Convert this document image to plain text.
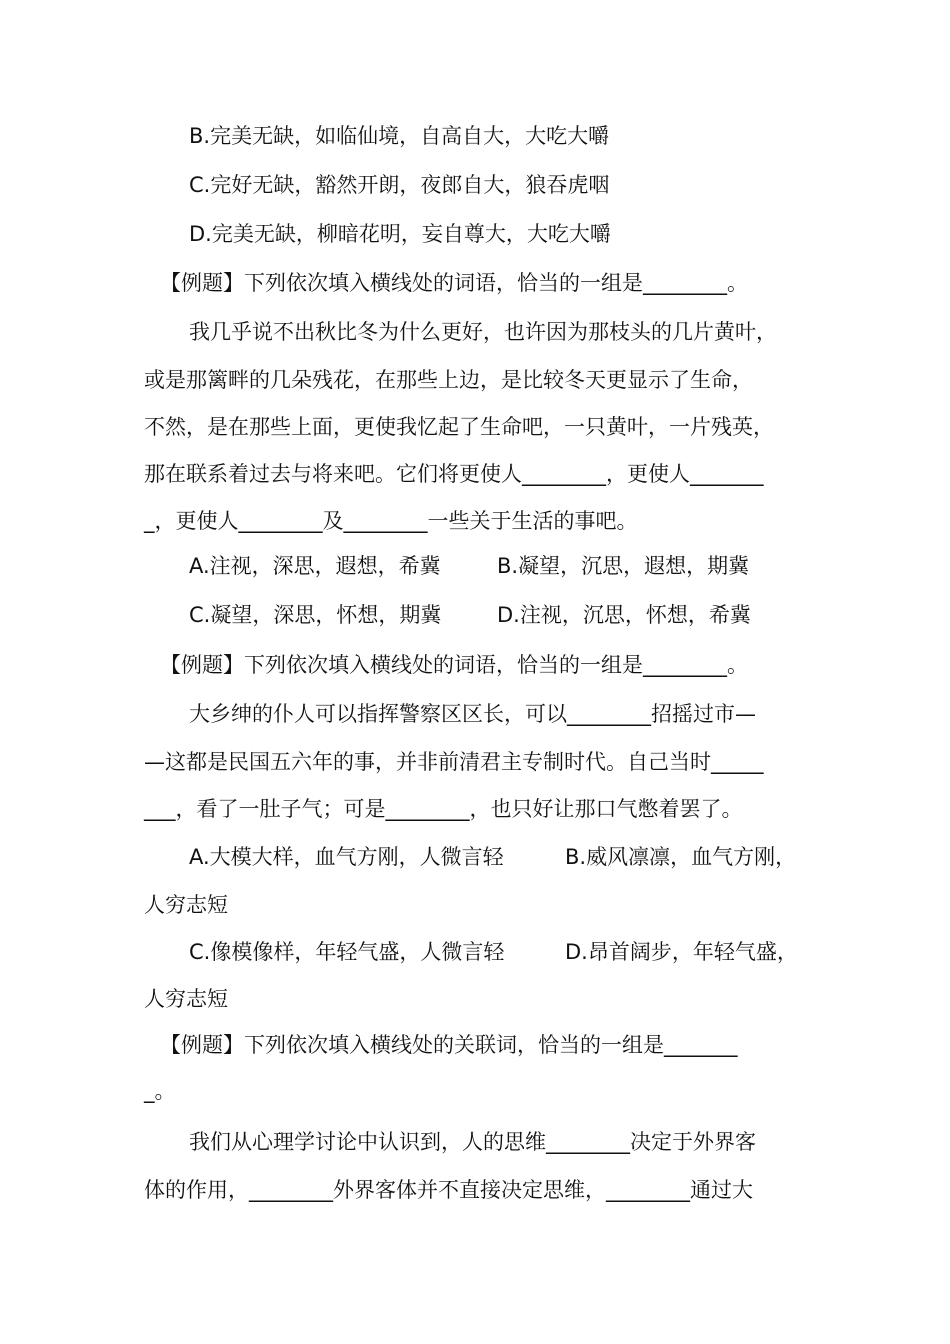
B.完美无缺，如临仙境，自高自大，大吃大嚼
C.完好无缺，豁然开朗，夜郎自大，狼吞虎咽
D.完美无缺，柳暗花明，妄自尊大，大吃大嚼
【例题】下列依次填入横线处的词语，恰当的一组是________。
我几乎说不出秋比冬为什么更好，也许因为那枝头的几片黄叶，
或是那篱畔的几朵残花，在那些上边，是比较冬天更显示了生命，
不然，是在那些上面，更使我忆起了生命吧，一只黄叶，一片残英，
那在联系着过去与将来吧。它们将更使人________，更使人_______
_，更使人________及________一些关于生活的事吧。

A.注视，深思，遐想，希冀

	B.凝望，沉思，遐想，期冀

C.凝望，深思，怀想，期冀

	D.注视，沉思，怀想，希冀

【例题】下列依次填入横线处的词语，恰当的一组是________。
大乡绅的仆人可以指挥警察区区长，可以________招摇过市—
—这都是民国五六年的事，并非前清君主专制时代。自己当时_____
___，看了一肚子气；可是________，也只好让那口气憋着罢了。

A.大模大样，血气方刚，人微言轻

	B.威风凛凛，血气方刚，

人穷志短

C.像模像样，年轻气盛，人微言轻

	D.昂首阔步，年轻气盛，

人穷志短
【例题】下列依次填入横线处的关联词，恰当的一组是_______
_。
我们从心理学讨论中认识到，人的思维________决定于外界客
体的作用，________外界客体并不直接决定思维，________通过大
